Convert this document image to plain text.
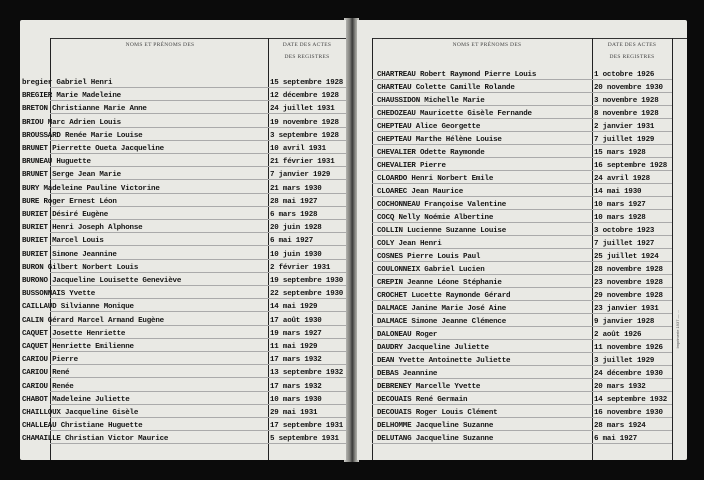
NOMS ET PRÉNOMS DES	DATE DES ACTES
DES REGISTRES
bregier Gabriel Henri	15 septembre 1928
BREGIER Marie Madeleine	12 décembre 1928
BRETON Christianne Marie Anne	24 juillet 1931
BRIOU Marc Adrien Louis	19 novembre 1928
BROUSSARD Renée Marie Louise	3 septembre 1928
BRUNET Pierrette Oueta Jacqueline	10 avril 1931
BRUNEAU Huguette	21 février 1931
BRUNET Serge Jean Marie	7 janvier 1929
BURY Madeleine Pauline Victorine	21 mars 1930
BURE Roger Ernest Léon	28 mai 1927
BURIET Désiré Eugène	6 mars 1928
BURIET Henri Joseph Alphonse	20 juin 1928
BURIET Marcel Louis	6 mai 1927
BURIET Simone Jeannine	10 juin 1930
BURON Gilbert Norbert Louis	2 février 1931
BURONO Jacqueline Louisette Geneviève	19 septembre 1930
BUSSONNAIS Yvette	22 septembre 1930
CAILLAUD Silvianne Monique	14 mai 1929
CALIN Gérard Marcel Armand Eugène	17 août 1930
CAQUET Josette Henriette	19 mars 1927
CAQUET Henriette Emilienne	11 mai 1929
CARIOU Pierre	17 mars 1932
CARIOU René	13 septembre 1932
CARIOU Renée	17 mars 1932
CHABOT Madeleine Juliette	10 mars 1930
CHAILLOUX Jacqueline Gisèle	29 mai 1931
CHALLEAU Christiane Huguette	17 septembre 1931
CHAMAILLE Christian Victor Maurice	5 septembre 1931
NOMS ET PRÉNOMS DES	DATE DES ACTES
DES REGISTRES
Imprimerie 1937 — ...
CHARTREAU Robert Raymond Pierre Louis	1 octobre 1926
CHARTEAU Colette Camille Rolande	20 novembre 1930
CHAUSSIDON Michelle Marie	3 novembre 1928
CHEDOZEAU Mauricette Gisèle Fernande	8 novembre 1928
CHEPTEAU Alice Georgette	2 janvier 1931
CHEPTEAU Marthe Hélène Louise	7 juillet 1929
CHEVALIER Odette Raymonde	15 mars 1928
CHEVALIER Pierre	16 septembre 1928
CLOARDO Henri Norbert Emile	24 avril 1928
CLOAREC Jean Maurice	14 mai 1930
COCHONNEAU Françoise Valentine	10 mars 1927
COCQ Nelly Noémie Albertine	10 mars 1928
COLLIN Lucienne Suzanne Louise	3 octobre 1923
COLY Jean Henri	7 juillet 1927
COSNES Pierre Louis Paul	25 juillet 1924
COULONNEIX Gabriel Lucien	28 novembre 1928
CREPIN Jeanne Léone Stéphanie	23 novembre 1928
CROCHET Lucette Raymonde Gérard	29 novembre 1928
DALMACE Janine Marie José Aine	23 janvier 1931
DALMACE Simone Jeanne Clémence	9 janvier 1928
DALONEAU Roger	2 août 1926
DAUDRY Jacqueline Juliette	11 novembre 1926
DEAN Yvette Antoinette Juliette	3 juillet 1929
DEBAS Jeannine	24 décembre 1930
DEBRENEY Marcelle Yvette	20 mars 1932
DECOUAIS René Germain	14 septembre 1932
DECOUAIS Roger Louis Clément	16 novembre 1930
DELHOMME Jacqueline Suzanne	28 mars 1924
DELUTANG Jacqueline Suzanne	6 mai 1927
